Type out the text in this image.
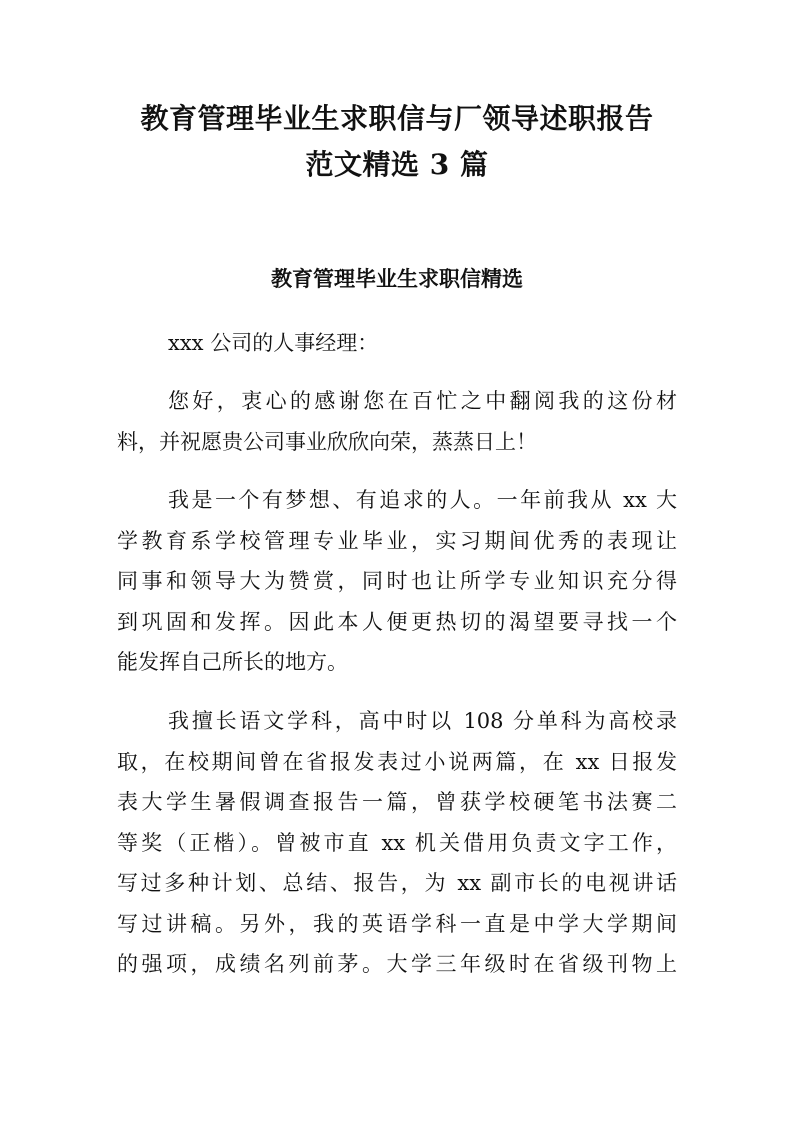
教育管理毕业生求职信与厂领导述职报告
范文精选 3 篇
教育管理毕业生求职信精选
xxx 公司的人事经理：
您好，衷心的感谢您在百忙之中翻阅我的这份材
料，并祝愿贵公司事业欣欣向荣，蒸蒸日上！
我是一个有梦想、有追求的人。一年前我从 xx 大
学教育系学校管理专业毕业，实习期间优秀的表现让
同事和领导大为赞赏，同时也让所学专业知识充分得
到巩固和发挥。因此本人便更热切的渴望要寻找一个
能发挥自己所长的地方。
我擅长语文学科，高中时以 108 分单科为高校录
取，在校期间曾在省报发表过小说两篇，在 xx 日报发
表大学生暑假调查报告一篇，曾获学校硬笔书法赛二
等奖（正楷）。曾被市直 xx 机关借用负责文字工作，
写过多种计划、总结、报告，为 xx 副市长的电视讲话
写过讲稿。另外，我的英语学科一直是中学大学期间
的强项，成绩名列前茅。大学三年级时在省级刊物上
